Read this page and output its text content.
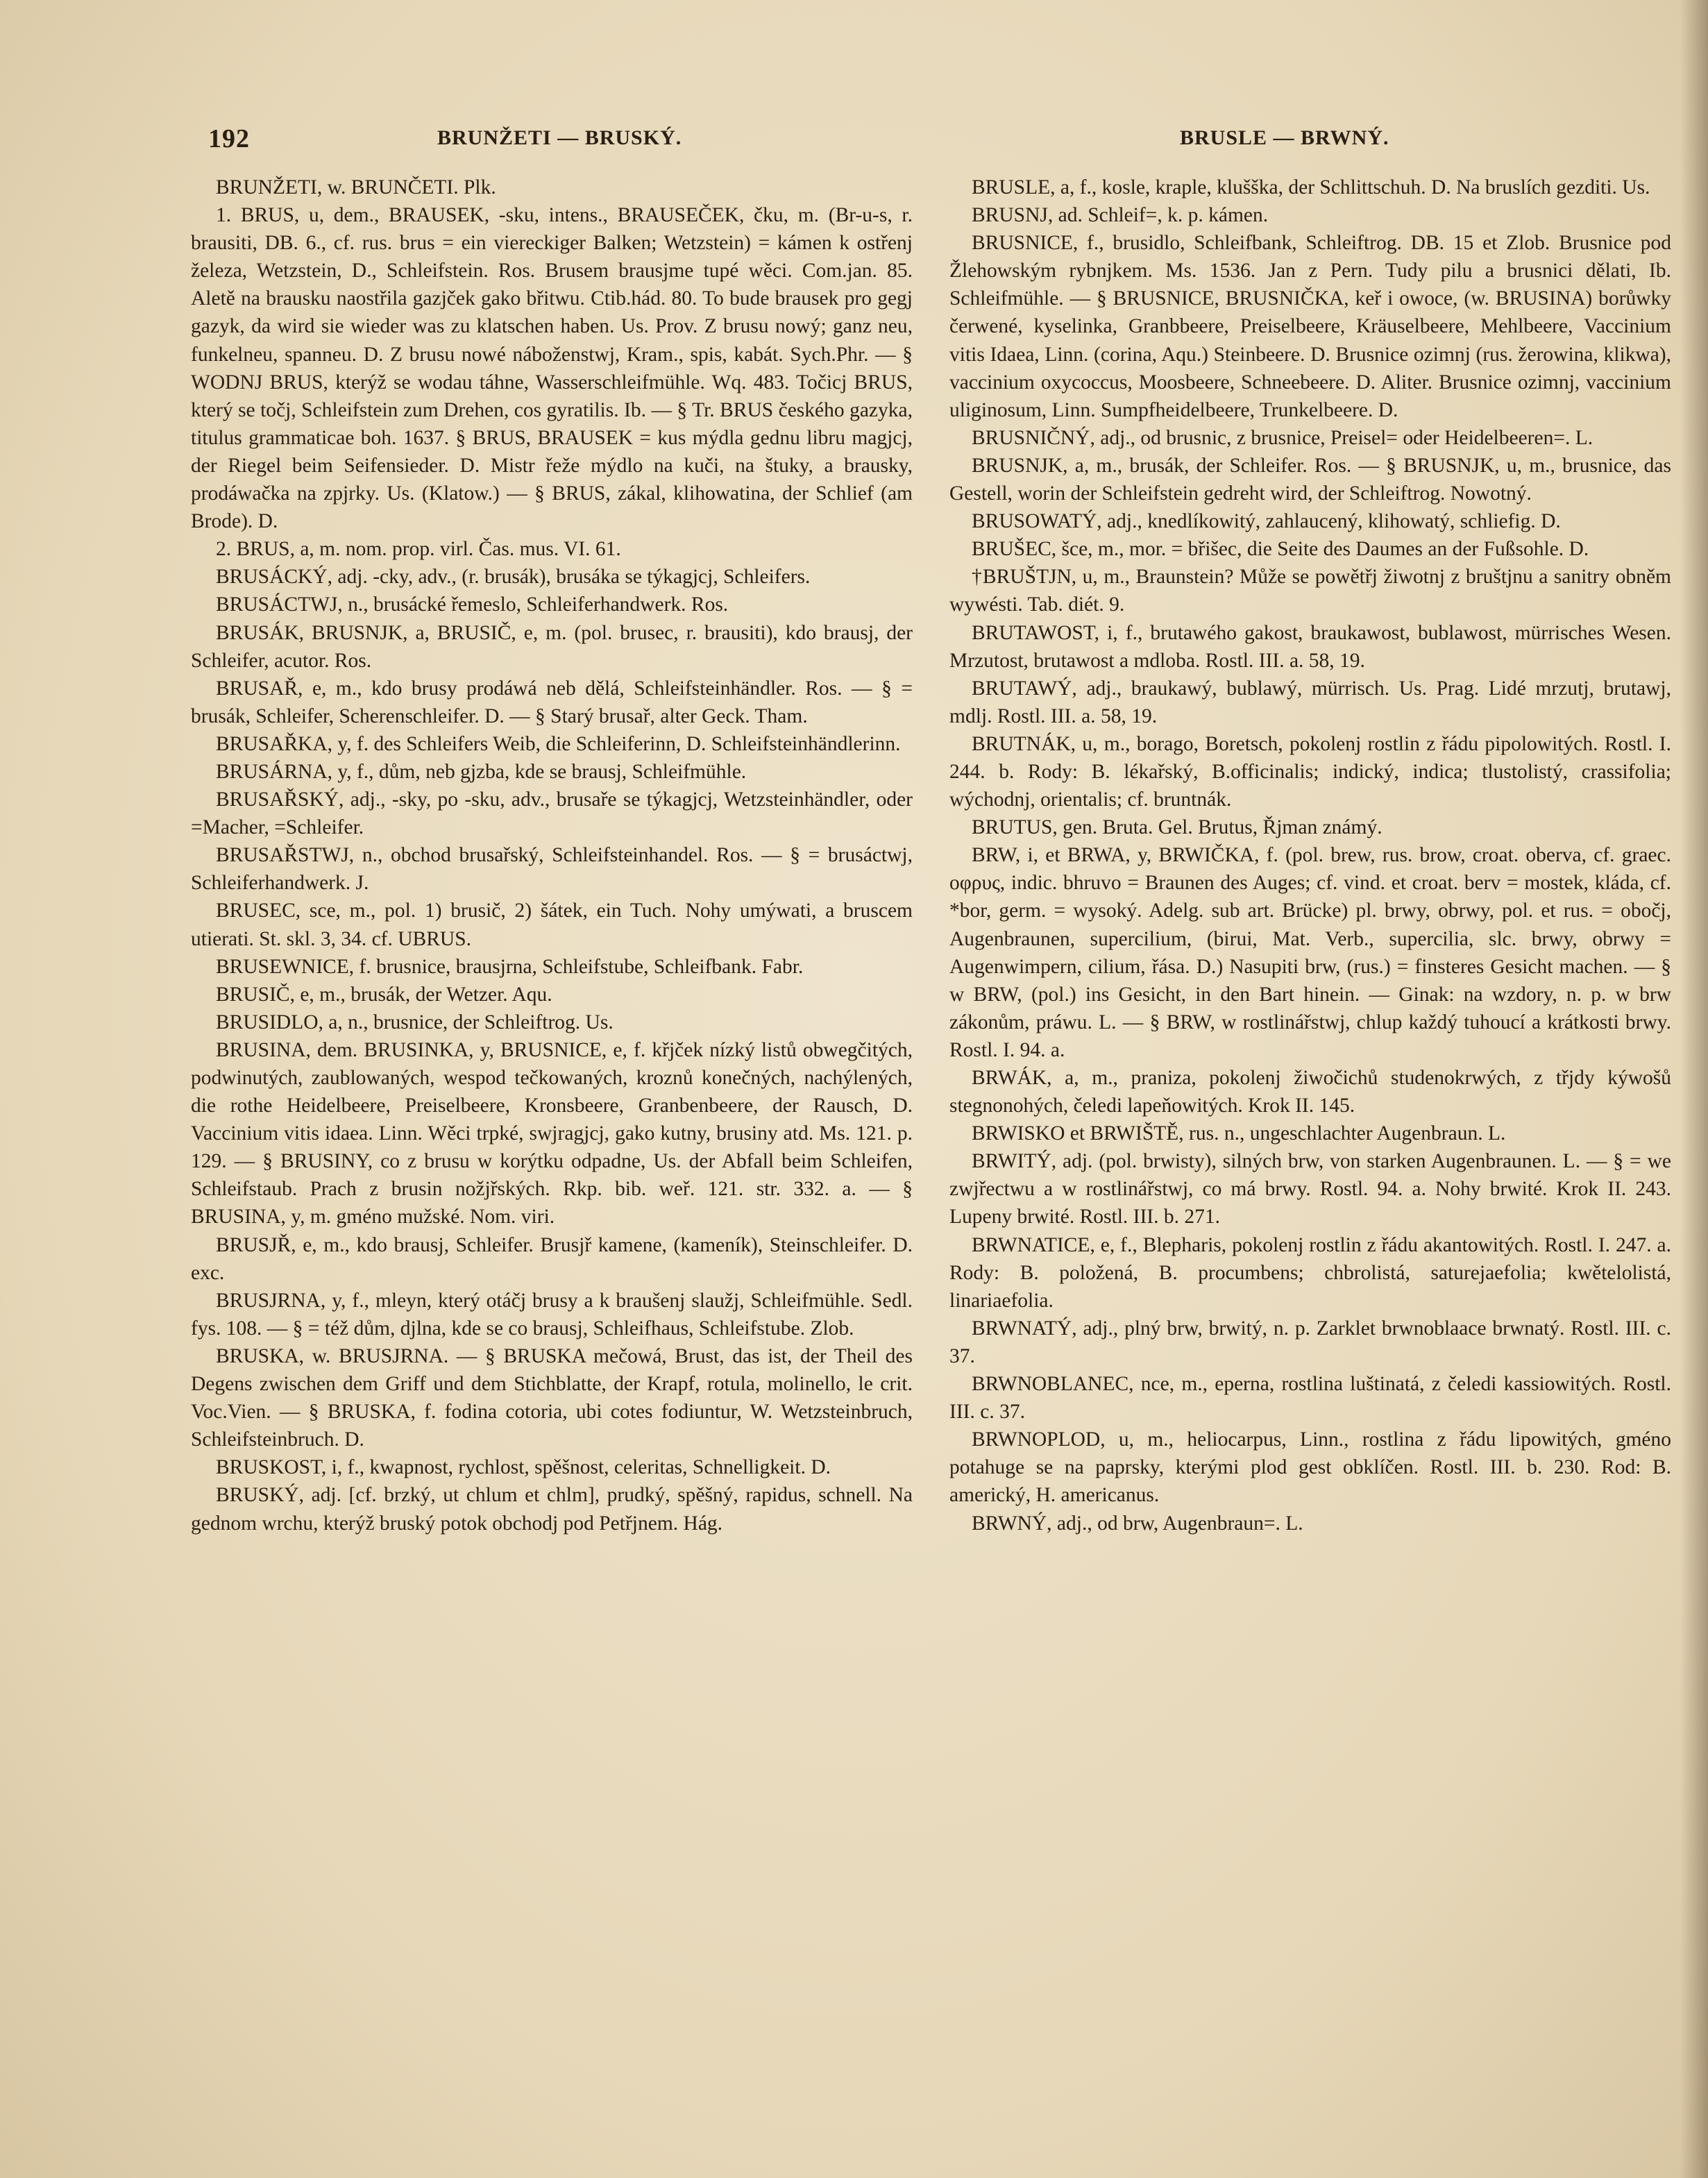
192	BRUNŽETI — BRUSKÝ.	BRUSLE — BRWNÝ.

BRUNŽETI, w. BRUNČETI. Plk.

1. BRUS, u, dem., BRAUSEK, -sku, intens., BRAUSEČEK, čku, m. (Br-u-s, r. brausiti, DB. 6., cf. rus. brus = ein viereckiger Balken; Wetzstein) = kámen k ostřenj železa, Wetzstein, D., Schleifstein. Ros. Brusem brausjme tupé wěci. Com.jan. 85. Aletě na brausku naostřila gazjček gako břitwu. Ctib.hád. 80. To bude brausek pro gegj gazyk, da wird sie wieder was zu klatschen haben. Us. Prov. Z brusu nowý; ganz neu, funkelneu, spanneu. D. Z brusu nowé náboženstwj, Kram., spis, kabát. Sych.Phr. — § WODNJ BRUS, kterýž se wodau táhne, Wasserschleifmühle. Wq. 483. Točicj BRUS, který se točj, Schleifstein zum Drehen, cos gyratilis. Ib. — § Tr. BRUS českého gazyka, titulus grammaticae boh. 1637. § BRUS, BRAUSEK = kus mýdla gednu libru magjcj, der Riegel beim Seifensieder. D. Mistr řeže mýdlo na kuči, na štuky, a brausky, prodáwačka na zpjrky. Us. (Klatow.) — § BRUS, zákal, klihowatina, der Schlief (am Brode). D.

2. BRUS, a, m. nom. prop. virl. Čas. mus. VI. 61.

BRUSÁCKÝ, adj. -cky, adv., (r. brusák), brusáka se týkagjcj, Schleifers.

BRUSÁCTWJ, n., brusácké řemeslo, Schleiferhandwerk. Ros.

BRUSÁK, BRUSNJK, a, BRUSIČ, e, m. (pol. brusec, r. brausiti), kdo brausj, der Schleifer, acutor. Ros.

BRUSAŘ, e, m., kdo brusy prodáwá neb dělá, Schleifsteinhändler. Ros. — § = brusák, Schleifer, Scherenschleifer. D. — § Starý brusař, alter Geck. Tham.

BRUSAŘKA, y, f. des Schleifers Weib, die Schleiferinn, D. Schleifsteinhändlerinn.

BRUSÁRNA, y, f., dům, neb gjzba, kde se brausj, Schleifmühle.

BRUSAŘSKÝ, adj., -sky, po -sku, adv., brusaře se týkagjcj, Wetzsteinhändler, oder =Macher, =Schleifer.

BRUSAŘSTWJ, n., obchod brusařský, Schleifsteinhandel. Ros. — § = brusáctwj, Schleiferhandwerk. J.

BRUSEC, sce, m., pol. 1) brusič, 2) šátek, ein Tuch. Nohy umýwati, a bruscem utierati. St. skl. 3, 34. cf. UBRUS.

BRUSEWNICE, f. brusnice, brausjrna, Schleifstube, Schleifbank. Fabr.

BRUSIČ, e, m., brusák, der Wetzer. Aqu.

BRUSIDLO, a, n., brusnice, der Schleiftrog. Us.

BRUSINA, dem. BRUSINKA, y, BRUSNICE, e, f. křjček nízký listů obwegčitých, podwinutých, zaublowaných, wespod tečkowaných, kroznů konečných, nachýlených, die rothe Heidelbeere, Preiselbeere, Kronsbeere, Granbenbeere, der Rausch, D. Vaccinium vitis idaea. Linn. Wěci trpké, swjragjcj, gako kutny, brusiny atd. Ms. 121. p. 129. — § BRUSINY, co z brusu w korýtku odpadne, Us. der Abfall beim Schleifen, Schleifstaub. Prach z brusin nožjřských. Rkp. bib. weř. 121. str. 332. a. — § BRUSINA, y, m. gméno mužské. Nom. viri.

BRUSJŘ, e, m., kdo brausj, Schleifer. Brusjř kamene, (kameník), Steinschleifer. D. exc.

BRUSJRNA, y, f., mleyn, který otáčj brusy a k braušenj slaužj, Schleifmühle. Sedl. fys. 108. — § = též dům, djlna, kde se co brausj, Schleifhaus, Schleifstube. Zlob.

BRUSKA, w. BRUSJRNA. — § BRUSKA mečowá, Brust, das ist, der Theil des Degens zwischen dem Griff und dem Stichblatte, der Krapf, rotula, molinello, le crit. Voc.Vien. — § BRUSKA, f. fodina cotoria, ubi cotes fodiuntur, W. Wetzsteinbruch, Schleifsteinbruch. D.

BRUSKOST, i, f., kwapnost, rychlost, spěšnost, celeritas, Schnelligkeit. D.

BRUSKÝ, adj. [cf. brzký, ut chlum et chlm], prudký, spěšný, rapidus, schnell. Na gednom wrchu, kterýž bruský potok obchodj pod Petřjnem. Hág.

BRUSLE, a, f., kosle, kraple, klušška, der Schlittschuh. D. Na bruslích gezditi. Us.

BRUSNJ, ad. Schleif=, k. p. kámen.

BRUSNICE, f., brusidlo, Schleifbank, Schleiftrog. DB. 15 et Zlob. Brusnice pod Žlehowským rybnjkem. Ms. 1536. Jan z Pern. Tudy pilu a brusnici dělati, Ib. Schleifmühle. — § BRUSNICE, BRUSNIČKA, keř i owoce, (w. BRUSINA) borůwky čerwené, kyselinka, Granbbeere, Preiselbeere, Kräuselbeere, Mehlbeere, Vaccinium vitis Idaea, Linn. (corina, Aqu.) Steinbeere. D. Brusnice ozimnj (rus. žerowina, klikwa), vaccinium oxycoccus, Moosbeere, Schneebeere. D. Aliter. Brusnice ozimnj, vaccinium uliginosum, Linn. Sumpfheidelbeere, Trunkelbeere. D.

BRUSNIČNÝ, adj., od brusnic, z brusnice, Preisel= oder Heidelbeeren=. L.

BRUSNJK, a, m., brusák, der Schleifer. Ros. — § BRUSNJK, u, m., brusnice, das Gestell, worin der Schleifstein gedreht wird, der Schleiftrog. Nowotný.

BRUSOWATÝ, adj., knedlíkowitý, zahlaucený, klihowatý, schliefig. D.

BRUŠEC, šce, m., mor. = břišec, die Seite des Daumes an der Fußsohle. D.

†BRUŠTJN, u, m., Braunstein? Může se powětřj žiwotnj z bruštjnu a sanitry obněm wywésti. Tab. diét. 9.

BRUTAWOST, i, f., brutawého gakost, braukawost, bublawost, mürrisches Wesen. Mrzutost, brutawost a mdloba. Rostl. III. a. 58, 19.

BRUTAWÝ, adj., braukawý, bublawý, mürrisch. Us. Prag. Lidé mrzutj, brutawj, mdlj. Rostl. III. a. 58, 19.

BRUTNÁK, u, m., borago, Boretsch, pokolenj rostlin z řádu pipolowitých. Rostl. I. 244. b. Rody: B. lékařský, B.officinalis; indický, indica; tlustolistý, crassifolia; wýchodnj, orientalis; cf. bruntnák.

BRUTUS, gen. Bruta. Gel. Brutus, Řjman známý.

BRW, i, et BRWA, y, BRWIČKA, f. (pol. brew, rus. brow, croat. oberva, cf. graec. οφρυς, indic. bhruvo = Braunen des Auges; cf. vind. et croat. berv = mostek, kláda, cf. *bor, germ. = wysoký. Adelg. sub art. Brücke) pl. brwy, obrwy, pol. et rus. = obočj, Augenbraunen, supercilium, (birui, Mat. Verb., supercilia, slc. brwy, obrwy = Augenwimpern, cilium, řása. D.) Nasupiti brw, (rus.) = finsteres Gesicht machen. — § w BRW, (pol.) ins Gesicht, in den Bart hinein. — Ginak: na wzdory, n. p. w brw zákonům, práwu. L. — § BRW, w rostlinářstwj, chlup každý tuhoucí a krátkosti brwy. Rostl. I. 94. a.

BRWÁK, a, m., praniza, pokolenj žiwočichů studenokrwých, z třjdy kýwošů stegnonohých, čeledi lapeňowitých. Krok II. 145.

BRWISKO et BRWIŠTĚ, rus. n., ungeschlachter Augenbraun. L.

BRWITÝ, adj. (pol. brwisty), silných brw, von starken Augenbraunen. L. — § = we zwjřectwu a w rostlinářstwj, co má brwy. Rostl. 94. a. Nohy brwité. Krok II. 243. Lupeny brwité. Rostl. III. b. 271.

BRWNATICE, e, f., Blepharis, pokolenj rostlin z řádu akantowitých. Rostl. I. 247. a. Rody: B. položená, B. procumbens; chbrolistá, saturejaefolia; kwětelolistá, linariaefolia.

BRWNATÝ, adj., plný brw, brwitý, n. p. Zarklet brwnoblaace brwnatý. Rostl. III. c. 37.

BRWNOBLANEC, nce, m., eperna, rostlina luštinatá, z čeledi kassiowitých. Rostl. III. c. 37.

BRWNOPLOD, u, m., heliocarpus, Linn., rostlina z řádu lipowitých, gméno potahuge se na paprsky, kterými plod gest obklíčen. Rostl. III. b. 230. Rod: B. americký, H. americanus.

BRWNÝ, adj., od brw, Augenbraun=. L.
